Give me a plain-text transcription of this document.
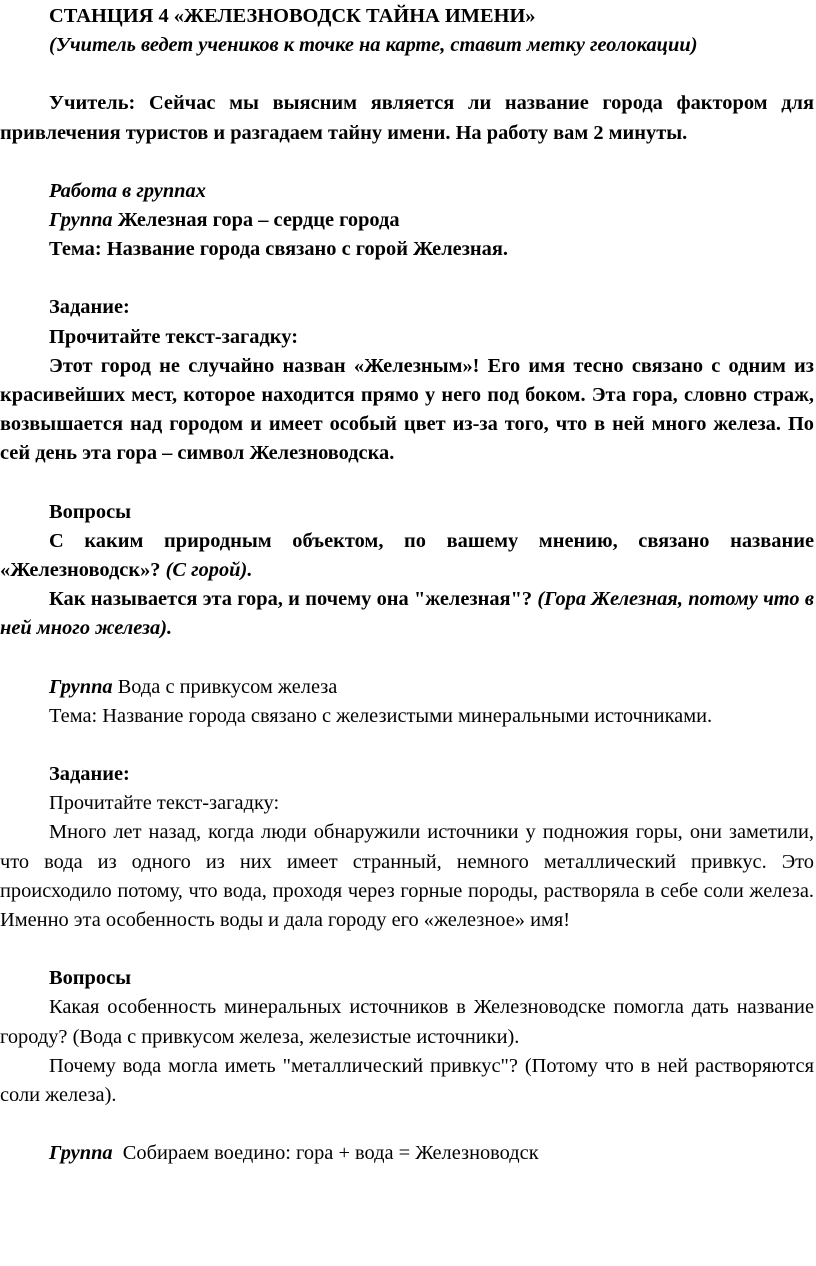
СТАНЦИЯ 4 «ЖЕЛЕЗНОВОДСК ТАЙНА ИМЕНИ»

(Учитель ведет учеников к точке на карте, ставит метку геолокации)

Учитель: Сейчас мы выясним является ли название города фактором для привлечения туристов и разгадаем тайну имени. На работу вам 2 минуты.

Работа в группах

Группа Железная гора – сердце города

Тема: Название города связано с горой Железная.

Задание:

Прочитайте текст-загадку:

Этот город не случайно назван «Железным»! Его имя тесно связано с одним из красивейших мест, которое находится прямо у него под боком. Эта гора, словно страж, возвышается над городом и имеет особый цвет из-за того, что в ней много железа. По сей день эта гора – символ Железноводска.

Вопросы

С каким природным объектом, по вашему мнению, связано название «Железноводск»? (С горой).

Как называется эта гора, и почему она "железная"? (Гора Железная, потому что в ней много железа).

Группа Вода с привкусом железа

Тема: Название города связано с железистыми минеральными источниками.

Задание:

Прочитайте текст-загадку:

Много лет назад, когда люди обнаружили источники у подножия горы, они заметили, что вода из одного из них имеет странный, немного металлический привкус. Это происходило потому, что вода, проходя через горные породы, растворяла в себе соли железа. Именно эта особенность воды и дала городу его «железное» имя!

Вопросы

Какая особенность минеральных источников в Железноводске помогла дать название городу? (Вода с привкусом железа, железистые источники).

Почему вода могла иметь "металлический привкус"? (Потому что в ней растворяются соли железа).

Группа  Собираем воедино: гора + вода = Железноводск
